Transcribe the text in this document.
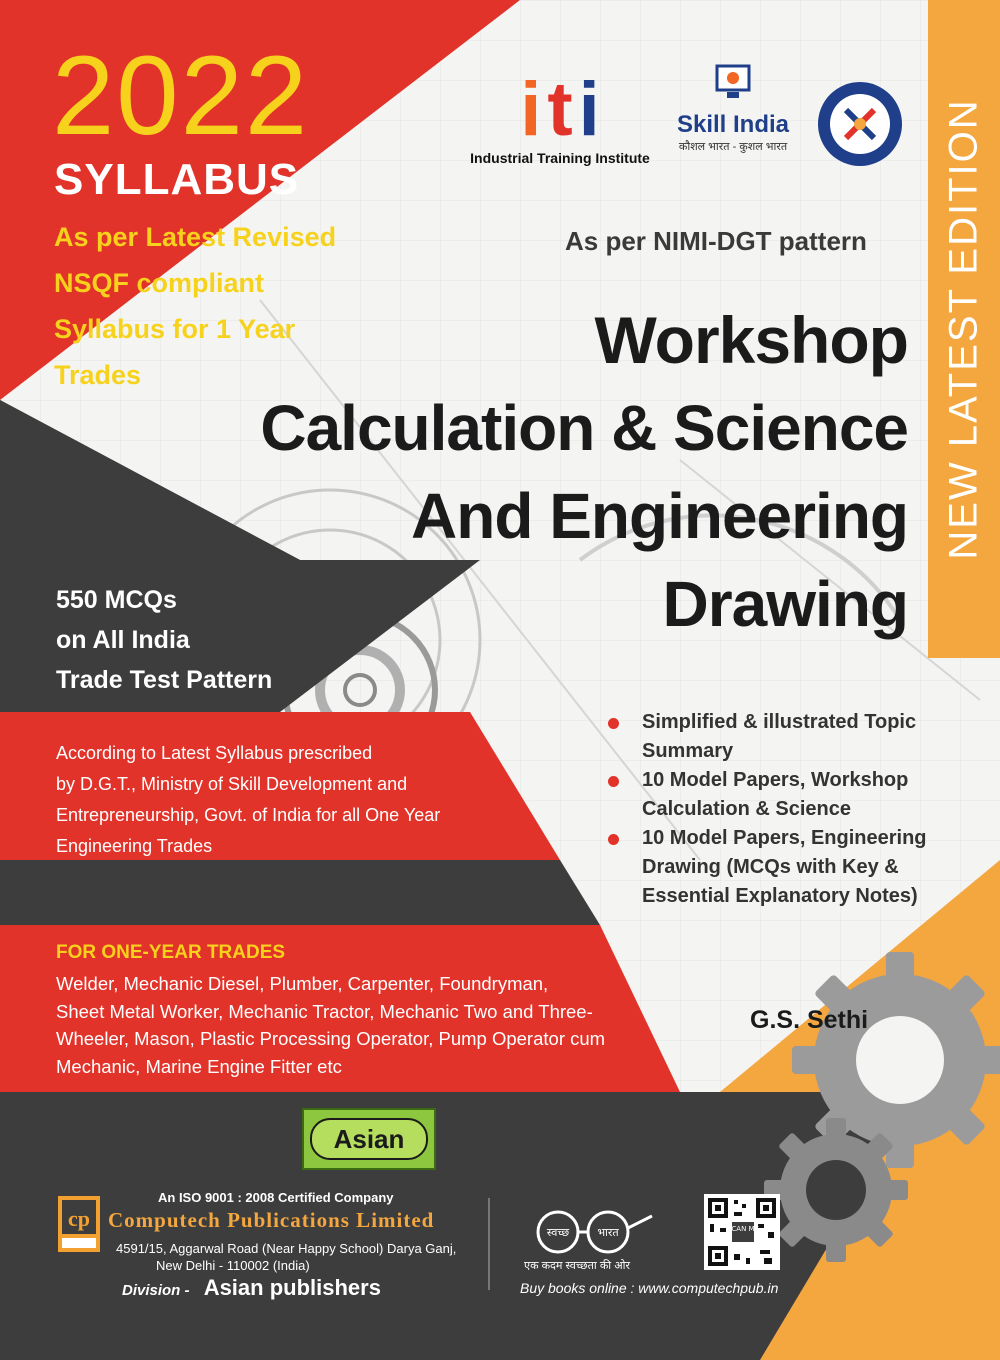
2022
SYLLABUS
As per Latest Revised
NSQF compliant
Syllabus for 1 Year
Trades
i t i
Industrial Training Institute
Skill India
कौशल भारत - कुशल भारत	NEW LATEST EDITION
As per NIMI-DGT pattern
Workshop
Calculation & Science
And Engineering
Drawing
550 MCQs
on All India
Trade Test Pattern
According to Latest Syllabus prescribed
by D.G.T., Ministry of Skill Development and
Entrepreneurship, Govt. of India for all One Year
Engineering Trades
Simplified & illustrated Topic Summary
10 Model Papers, Workshop Calculation & Science
10 Model Papers, Engineering Drawing (MCQs with Key & Essential Explanatory Notes)
FOR ONE-YEAR TRADES
Welder, Mechanic Diesel, Plumber, Carpenter, Foundryman,
Sheet Metal Worker, Mechanic Tractor, Mechanic Two and Three-
Wheeler, Mason, Plastic Processing Operator, Pump Operator cum
Mechanic, Marine Engine Fitter etc
G.S. Sethi
Asian
An ISO 9001 : 2008 Certified Company
cp Computech Publications Limited
4591/15, Aggarwal Road (Near Happy School) Darya Ganj,
New Delhi - 110002 (India)
Division - Asian publishers
स्वच्छ	भारत
एक कदम स्वच्छता की ओर
SCAN ME
Buy books online : www.computechpub.in
